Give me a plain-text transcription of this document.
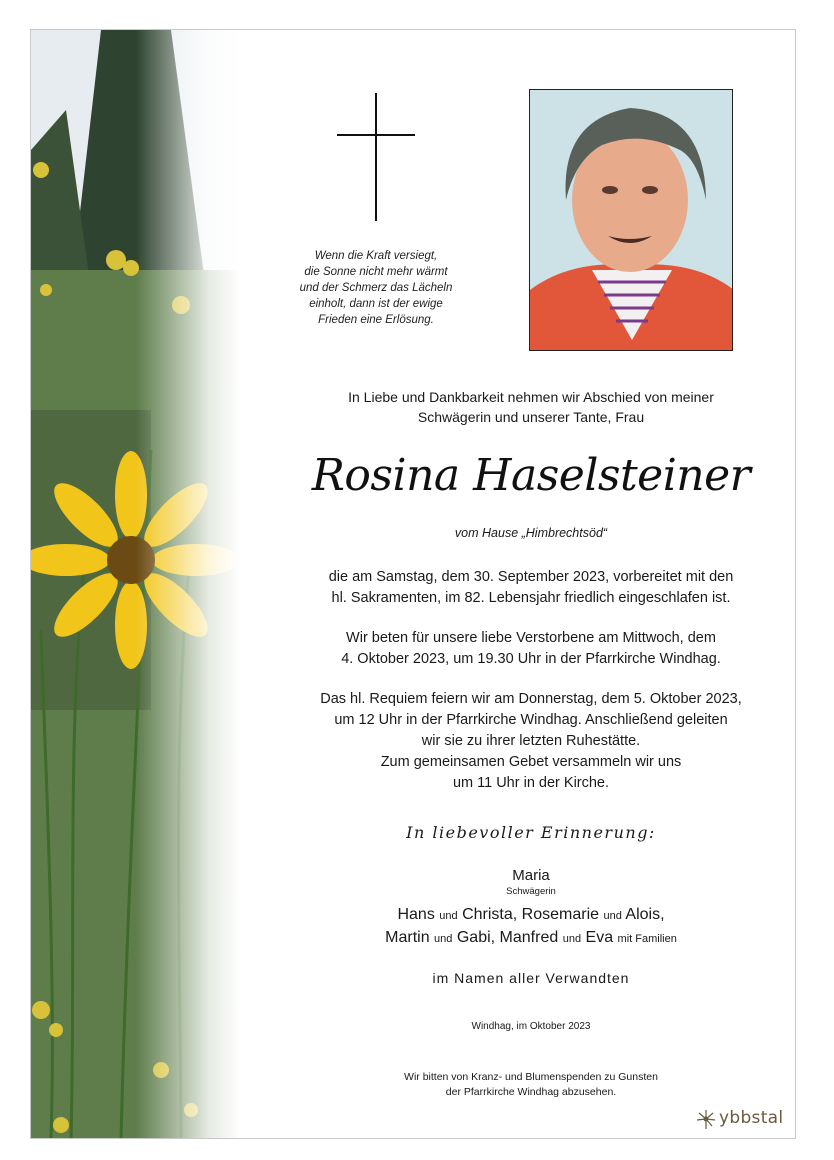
Wenn die Kraft versiegt,
die Sonne nicht mehr wärmt
und der Schmerz das Lächeln
einholt, dann ist der ewige
Frieden eine Erlösung.
In Liebe und Dankbarkeit nehmen wir Abschied von meiner
Schwägerin und unserer Tante, Frau
Rosina Haselsteiner
vom Hause „Himbrechtsöd“
die am Samstag, dem 30. September 2023, vorbereitet mit den
hl. Sakramenten, im 82. Lebensjahr friedlich eingeschlafen ist.
Wir beten für unsere liebe Verstorbene am Mittwoch, dem
4. Oktober 2023, um 19.30 Uhr in der Pfarrkirche Windhag.
Das hl. Requiem feiern wir am Donnerstag, dem 5. Oktober 2023,
um 12 Uhr in der Pfarrkirche Windhag. Anschließend geleiten
wir sie zu ihrer letzten Ruhestätte.
Zum gemeinsamen Gebet versammeln wir uns
um 11 Uhr in der Kirche.
In liebevoller Erinnerung:
Maria
Schwägerin
Hans und Christa, Rosemarie und Alois,
Martin und Gabi, Manfred und Eva mit Familien
im Namen aller Verwandten
Windhag, im Oktober 2023
Wir bitten von Kranz- und Blumenspenden zu Gunsten
der Pfarrkirche Windhag abzusehen.
ybbstal
